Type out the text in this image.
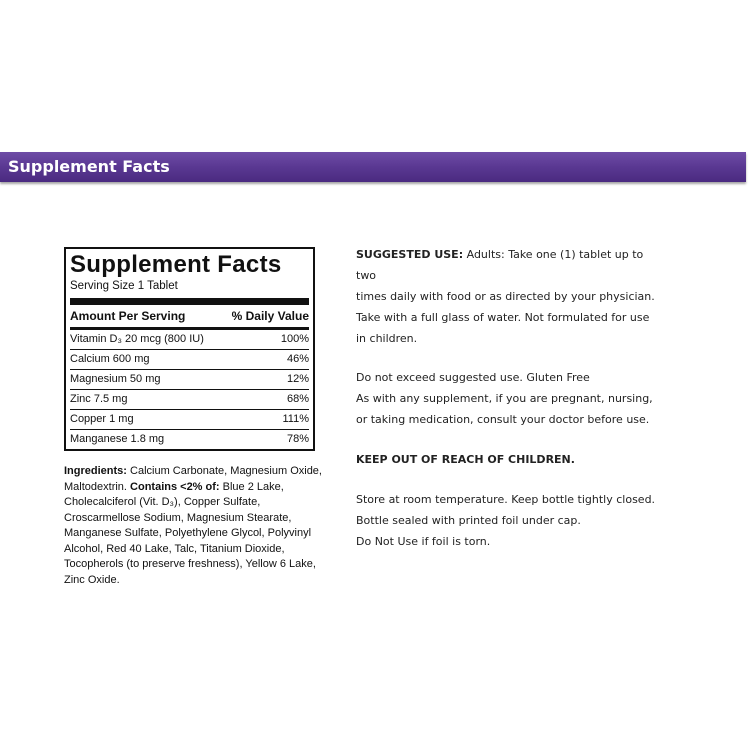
Supplement Facts
Supplement Facts
Serving Size 1 Tablet
Amount Per Serving	% Daily Value
Vitamin D₃ 20 mcg (800 IU)	100%
Calcium 600 mg	46%
Magnesium 50 mg	12%
Zinc 7.5 mg	68%
Copper 1 mg	111%
Manganese 1.8 mg	78%
Ingredients: Calcium Carbonate, Magnesium Oxide, Maltodextrin. Contains <2% of: Blue 2 Lake, Cholecalciferol (Vit. D₃), Copper Sulfate, Croscarmellose Sodium, Magnesium Stearate, Manganese Sulfate, Polyethylene Glycol, Polyvinyl Alcohol, Red 40 Lake, Talc, Titanium Dioxide, Tocopherols (to preserve freshness), Yellow 6 Lake, Zinc Oxide.

SUGGESTED USE: Adults: Take one (1) tablet up to two

times daily with food or as directed by your physician.

Take with a full glass of water. Not formulated for use

in children.

Do not exceed suggested use. Gluten Free

As with any supplement, if you are pregnant, nursing,

or taking medication, consult your doctor before use.

KEEP OUT OF REACH OF CHILDREN.

Store at room temperature. Keep bottle tightly closed.

Bottle sealed with printed foil under cap.

Do Not Use if foil is torn.
